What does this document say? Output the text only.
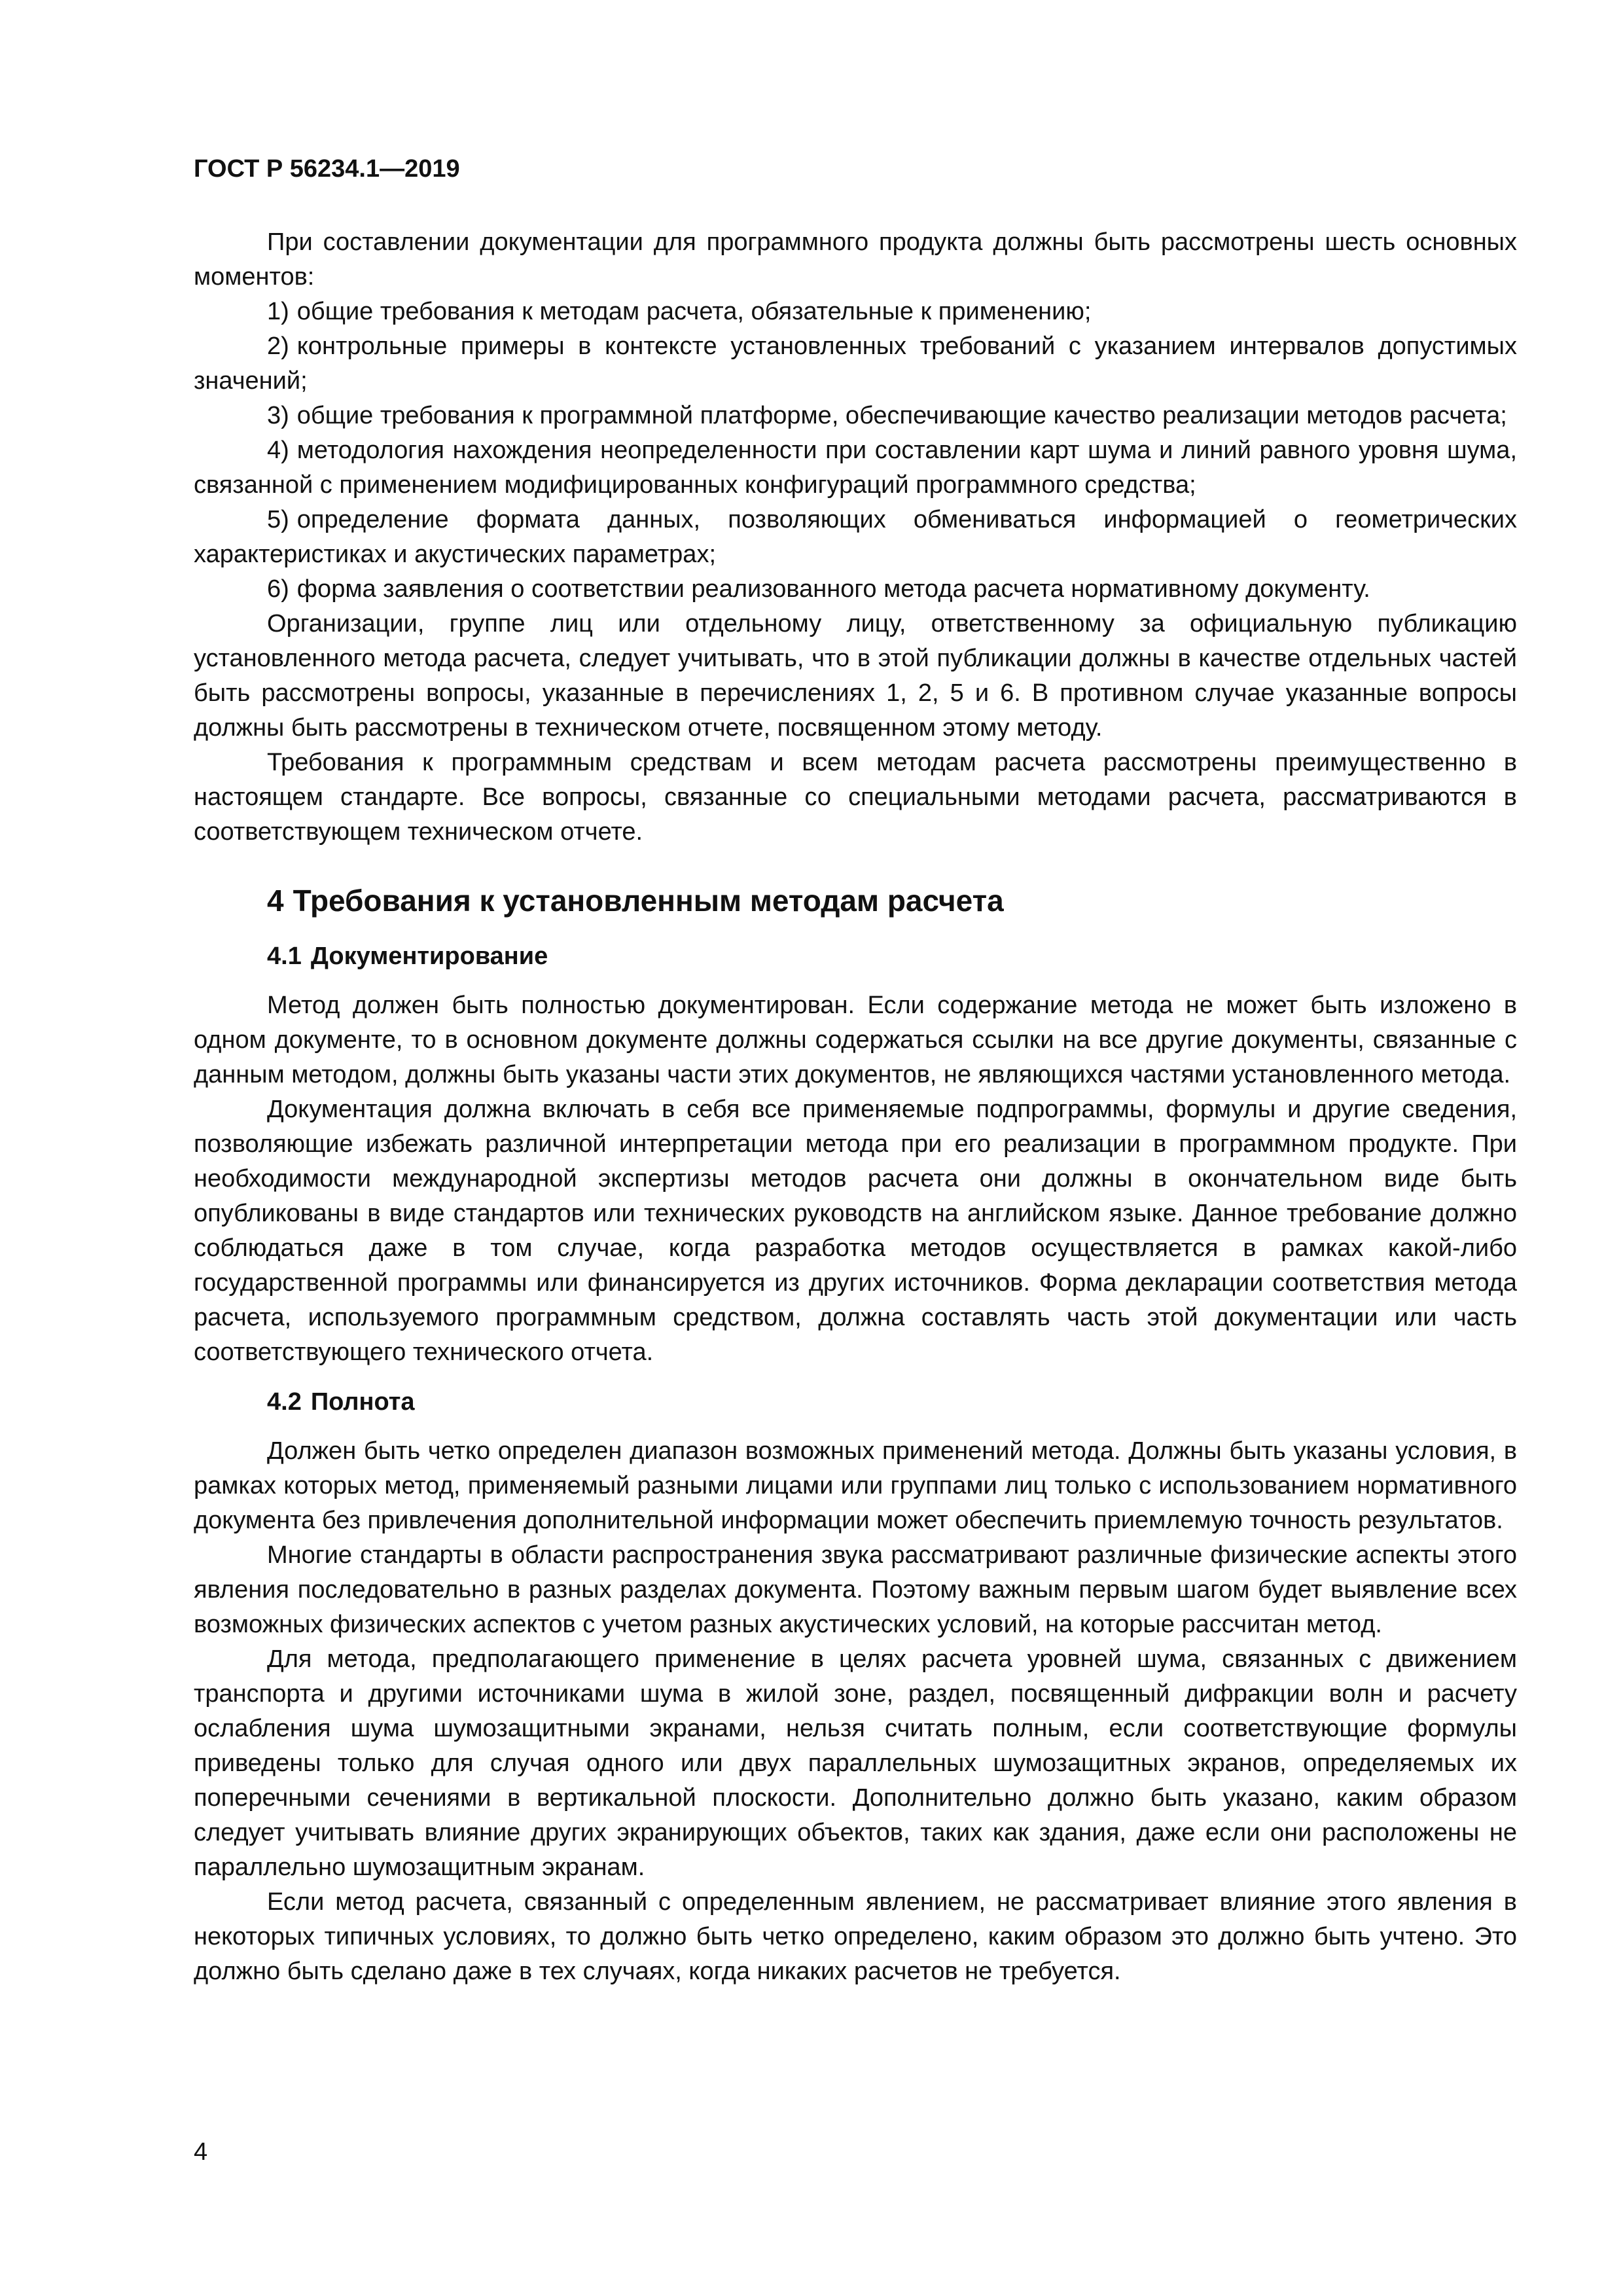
ГОСТ Р 56234.1—2019

При составлении документации для программного продукта должны быть рассмотрены шесть основных моментов:

1) общие требования к методам расчета, обязательные к применению;
2) контрольные примеры в контексте установленных требований с указанием интервалов допустимых значений;
3) общие требования к программной платформе, обеспечивающие качество реализации методов расчета;
4) методология нахождения неопределенности при составлении карт шума и линий равного уровня шума, связанной с применением модифицированных конфигураций программного средства;
5) определение формата данных, позволяющих обмениваться информацией о геометрических характеристиках и акустических параметрах;
6) форма заявления о соответствии реализованного метода расчета нормативному документу.

Организации, группе лиц или отдельному лицу, ответственному за официальную публикацию установленного метода расчета, следует учитывать, что в этой публикации должны в качестве отдельных частей быть рассмотрены вопросы, указанные в перечислениях 1, 2, 5 и 6. В противном случае указанные вопросы должны быть рассмотрены в техническом отчете, посвященном этому методу.

Требования к программным средствам и всем методам расчета рассмотрены преимущественно в настоящем стандарте. Все вопросы, связанные со специальными методами расчета, рассматриваются в соответствующем техническом отчете.

4 Требования к установленным методам расчета
4.1 Документирование

Метод должен быть полностью документирован. Если содержание метода не может быть изложено в одном документе, то в основном документе должны содержаться ссылки на все другие документы, связанные с данным методом, должны быть указаны части этих документов, не являющихся частями установленного метода.

Документация должна включать в себя все применяемые подпрограммы, формулы и другие сведения, позволяющие избежать различной интерпретации метода при его реализации в программном продукте. При необходимости международной экспертизы методов расчета они должны в окончательном виде быть опубликованы в виде стандартов или технических руководств на английском языке. Данное требование должно соблюдаться даже в том случае, когда разработка методов осуществляется в рамках какой-либо государственной программы или финансируется из других источников. Форма декларации соответствия метода расчета, используемого программным средством, должна составлять часть этой документации или часть соответствующего технического отчета.

4.2 Полнота

Должен быть четко определен диапазон возможных применений метода. Должны быть указаны условия, в рамках которых метод, применяемый разными лицами или группами лиц только с использованием нормативного документа без привлечения дополнительной информации может обеспечить приемлемую точность результатов.

Многие стандарты в области распространения звука рассматривают различные физические аспекты этого явления последовательно в разных разделах документа. Поэтому важным первым шагом будет выявление всех возможных физических аспектов с учетом разных акустических условий, на которые рассчитан метод.

Для метода, предполагающего применение в целях расчета уровней шума, связанных с движением транспорта и другими источниками шума в жилой зоне, раздел, посвященный дифракции волн и расчету ослабления шума шумозащитными экранами, нельзя считать полным, если соответствующие формулы приведены только для случая одного или двух параллельных шумозащитных экранов, определяемых их поперечными сечениями в вертикальной плоскости. Дополнительно должно быть указано, каким образом следует учитывать влияние других экранирующих объектов, таких как здания, даже если они расположены не параллельно шумозащитным экранам.

Если метод расчета, связанный с определенным явлением, не рассматривает влияние этого явления в некоторых типичных условиях, то должно быть четко определено, каким образом это должно быть учтено. Это должно быть сделано даже в тех случаях, когда никаких расчетов не требуется.

4
